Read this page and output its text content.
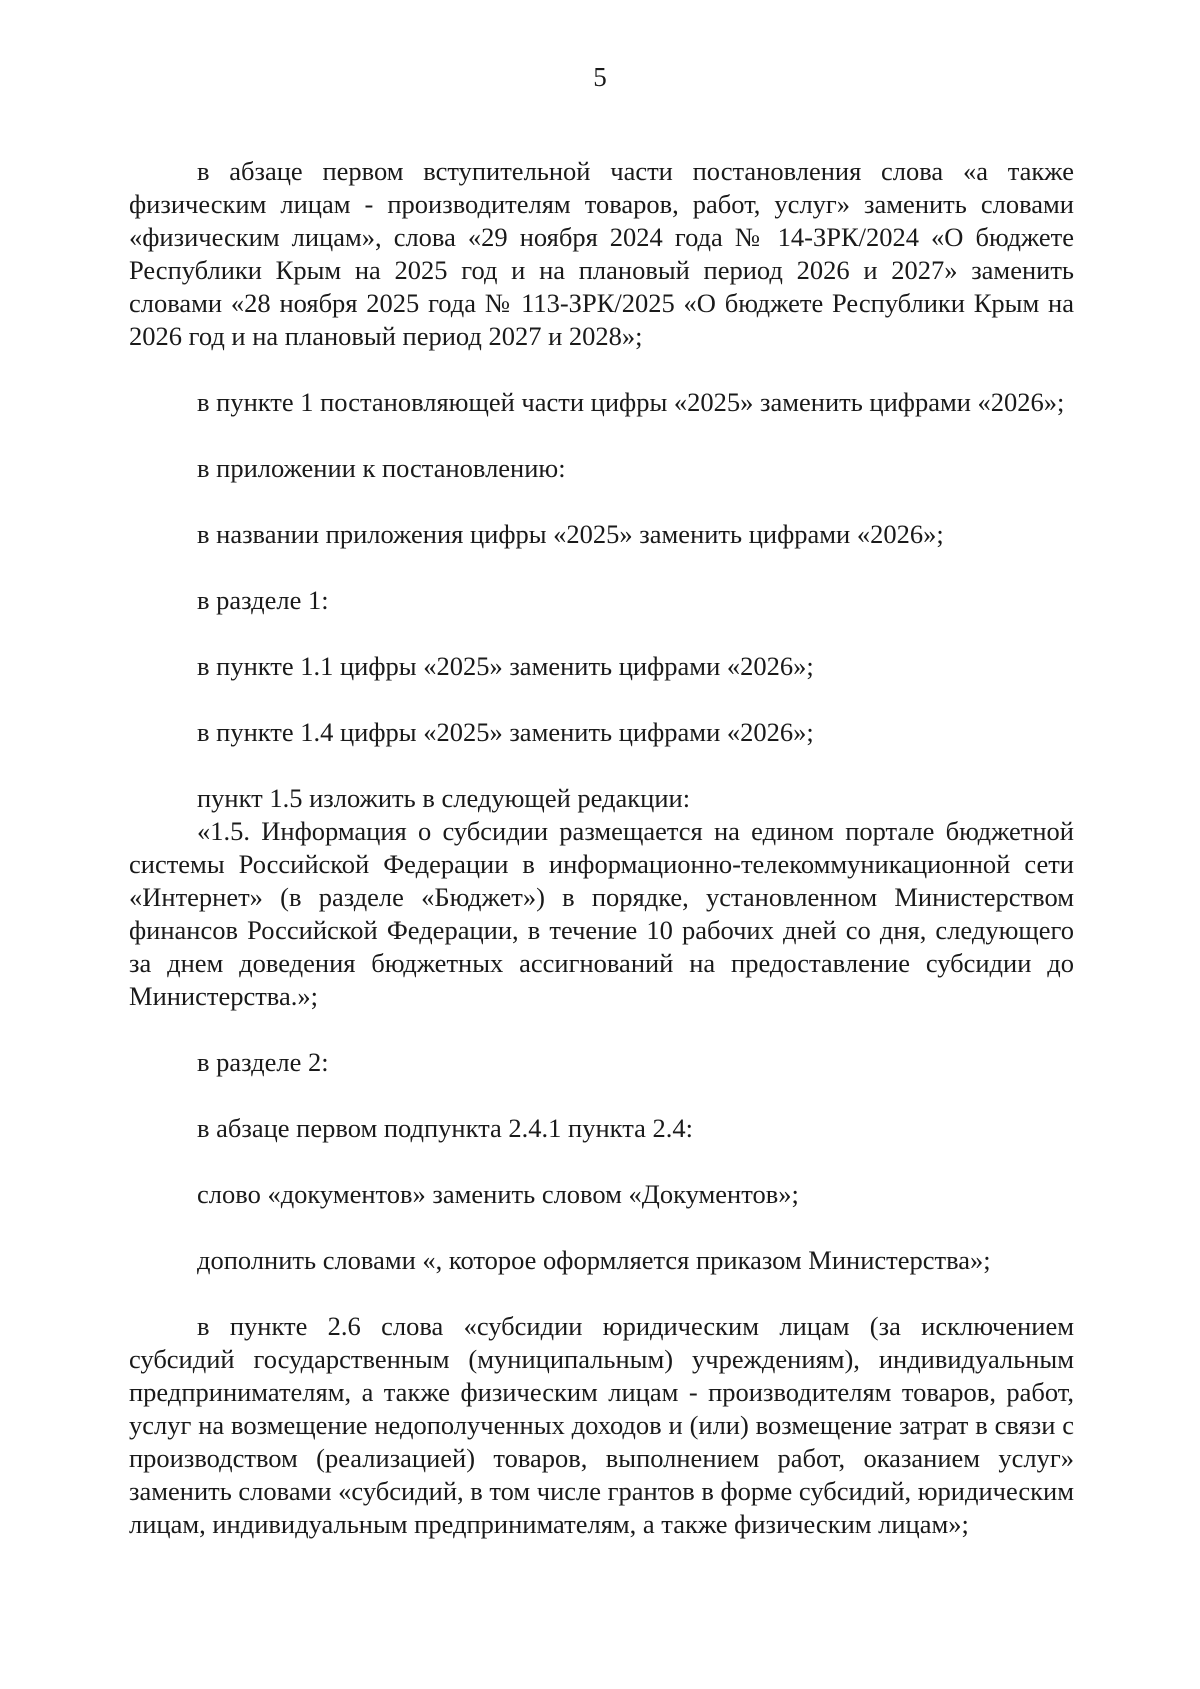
5

в абзаце первом вступительной части постановления слова «а также физическим лицам - производителям товаров, работ, услуг» заменить словами «физическим лицам», слова «29 ноября 2024 года № 14-ЗРК/2024 «О бюджете Республики Крым на 2025 год и на плановый период 2026 и 2027» заменить словами «28 ноября 2025 года № 113-ЗРК/2025 «О бюджете Республики Крым на 2026 год и на плановый период 2027 и 2028»;

в пункте 1 постановляющей части цифры «2025» заменить цифрами «2026»;

в приложении к постановлению:

в названии приложения цифры «2025» заменить цифрами «2026»;

в разделе 1:

в пункте 1.1 цифры «2025» заменить цифрами «2026»;

в пункте 1.4 цифры «2025» заменить цифрами «2026»;

пункт 1.5 изложить в следующей редакции:

«1.5. Информация о субсидии размещается на едином портале бюджетной системы Российской Федерации в информационно-телекоммуникационной сети «Интернет» (в разделе «Бюджет») в порядке, установленном Министерством финансов Российской Федерации, в течение 10 рабочих дней со дня, следующего за днем доведения бюджетных ассигнований на предоставление субсидии до Министерства.»;

в разделе 2:

в абзаце первом подпункта 2.4.1 пункта 2.4:

слово «документов» заменить словом «Документов»;

дополнить словами «, которое оформляется приказом Министерства»;

в пункте 2.6 слова «субсидии юридическим лицам (за исключением субсидий государственным (муниципальным) учреждениям), индивидуальным предпринимателям, а также физическим лицам - производителям товаров, работ, услуг на возмещение недополученных доходов и (или) возмещение затрат в связи с производством (реализацией) товаров, выполнением работ, оказанием услуг» заменить словами «субсидий, в том числе грантов в форме субсидий, юридическим лицам, индивидуальным предпринимателям, а также физическим лицам»;
